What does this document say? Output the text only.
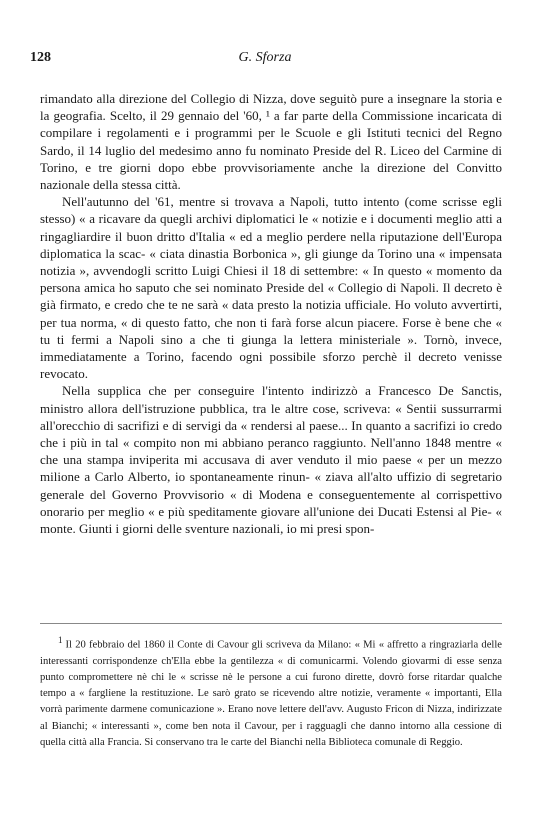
128	G. Sforza

rimandato alla direzione del Collegio di Nizza, dove seguitò pure a insegnare la storia e la geografia. Scelto, il 29 gennaio del '60, ¹ a far parte della Commissione incaricata di compilare i regolamenti e i programmi per le Scuole e gli Istituti tecnici del Regno Sardo, il 14 luglio del medesimo anno fu nominato Preside del R. Liceo del Carmine di Torino, e tre giorni dopo ebbe provvisoriamente anche la direzione del Convitto nazionale della stessa città.

Nell'autunno del '61, mentre si trovava a Napoli, tutto intento (come scrisse egli stesso) « a ricavare da quegli archivi diplomatici le « notizie e i documenti meglio atti a ringagliardire il buon dritto d'Italia « ed a meglio perdere nella riputazione dell'Europa diplomatica la scac- « ciata dinastia Borbonica », gli giunge da Torino una « impensata notizia », avvendogli scritto Luigi Chiesi il 18 di settembre: « In questo « momento da persona amica ho saputo che sei nominato Preside del « Collegio di Napoli. Il decreto è già firmato, e credo che te ne sarà « data presto la notizia ufficiale. Ho voluto avvertirti, per tua norma, « di questo fatto, che non ti farà forse alcun piacere. Forse è bene che « tu ti fermi a Napoli sino a che ti giunga la lettera ministeriale ». Tornò, invece, immediatamente a Torino, facendo ogni possibile sforzo perchè il decreto venisse revocato.

Nella supplica che per conseguire l'intento indirizzò a Francesco De Sanctis, ministro allora dell'istruzione pubblica, tra le altre cose, scriveva: « Sentii sussurrarmi all'orecchio di sacrifizi e di servigi da « rendersi al paese... In quanto a sacrifizi io credo che i più in tal « compito non mi abbiano peranco raggiunto. Nell'anno 1848 mentre « che una stampa inviperita mi accusava di aver venduto il mio paese « per un mezzo milione a Carlo Alberto, io spontaneamente rinun- « ziava all'alto uffizio di segretario generale del Governo Provvisorio « di Modena e conseguentemente al corrispettivo onorario per meglio « e più speditamente giovare all'unione dei Ducati Estensi al Pie- « monte. Giunti i giorni delle sventure nazionali, io mi presi spon-

$^1$ Il 20 febbraio del 1860 il Conte di Cavour gli scriveva da Milano: « Mi « affretto a ringraziarla delle interessanti corrispondenze ch'Ella ebbe la gentilezza « di comunicarmi. Volendo giovarmi di esse senza punto compromettere nè chi le « scrisse nè le persone a cui furono dirette, dovrò forse ritardar qualche tempo a « fargliene la restituzione. Le sarò grato se ricevendo altre notizie, veramente « importanti, Ella vorrà parimente darmene comunicazione ». Erano nove lettere dell'avv. Augusto Fricon di Nizza, indirizzate al Bianchi; « interessanti », come ben nota il Cavour, per i ragguagli che danno intorno alla cessione di quella città alla Francia. Si conservano tra le carte del Bianchi nella Biblioteca comunale di Reggio.
